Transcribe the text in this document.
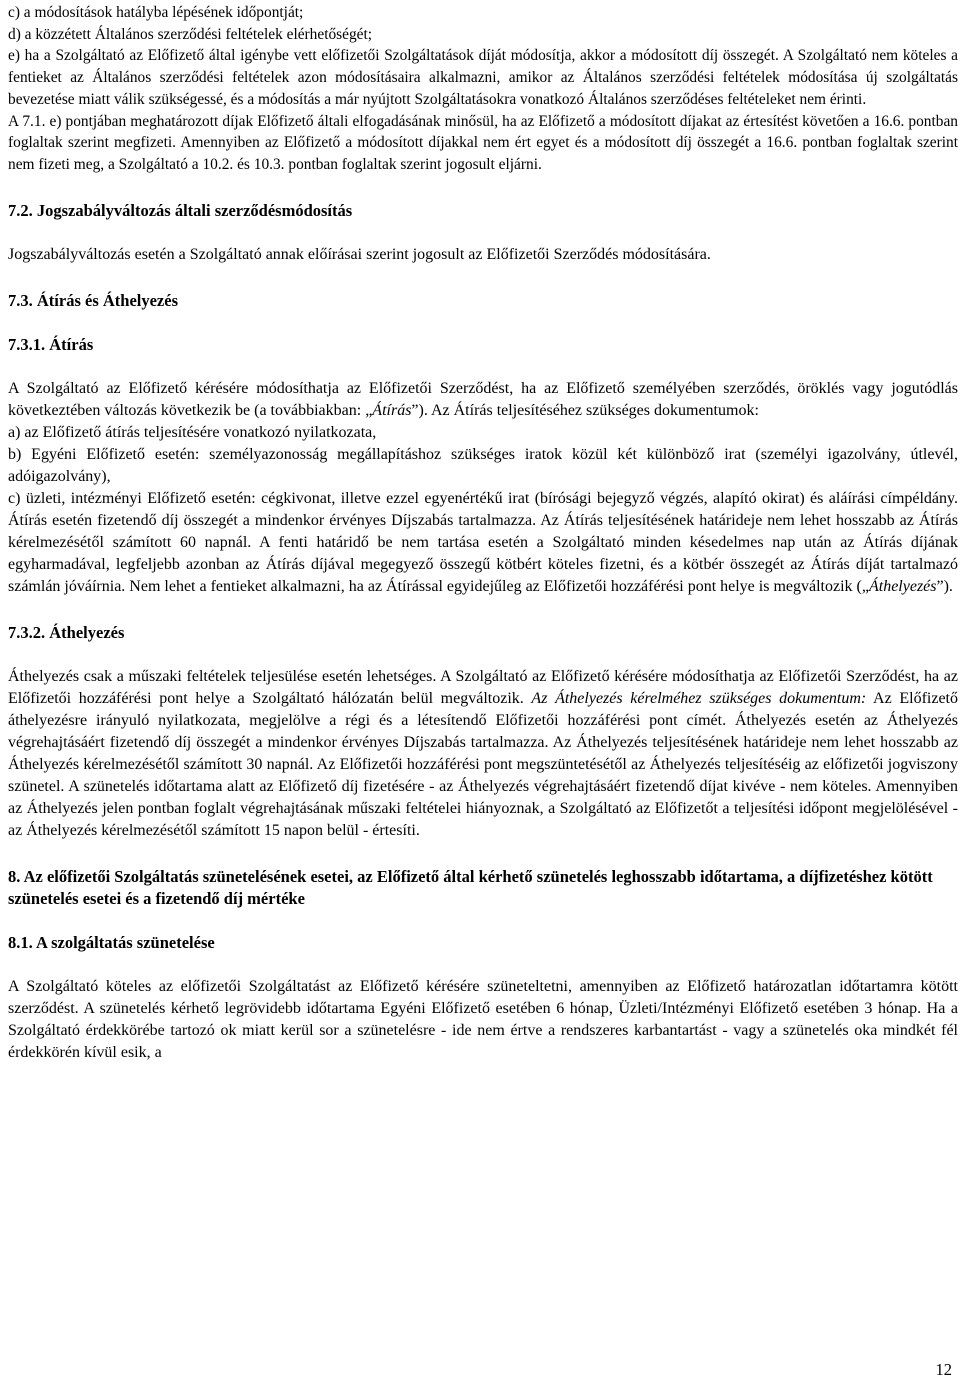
c) a módosítások hatályba lépésének időpontját;

d) a közzétett Általános szerződési feltételek elérhetőségét;

e) ha a Szolgáltató az Előfizető által igénybe vett előfizetői Szolgáltatások díját módosítja, akkor a módosított díj összegét. A Szolgáltató nem köteles a fentieket az Általános szerződési feltételek azon módosításaira alkalmazni, amikor az Általános szerződési feltételek módosítása új szolgáltatás bevezetése miatt válik szükségessé, és a módosítás a már nyújtott Szolgáltatásokra vonatkozó Általános szerződéses feltételeket nem érinti.

A 7.1. e) pontjában meghatározott díjak Előfizető általi elfogadásának minősül, ha az Előfizető a módosított díjakat az értesítést követően a 16.6. pontban foglaltak szerint megfizeti. Amennyiben az Előfizető a módosított díjakkal nem ért egyet és a módosított díj összegét a 16.6. pontban foglaltak szerint nem fizeti meg, a Szolgáltató a 10.2. és 10.3. pontban foglaltak szerint jogosult eljárni.

7.2. Jogszabályváltozás általi szerződésmódosítás

Jogszabályváltozás esetén a Szolgáltató annak előírásai szerint jogosult az Előfizetői Szerződés módosítására.

7.3. Átírás és Áthelyezés

7.3.1. Átírás

A Szolgáltató az Előfizető kérésére módosíthatja az Előfizetői Szerződést, ha az Előfizető személyében szerződés, öröklés vagy jogutódlás következtében változás következik be (a továbbiakban: „Átírás”). Az Átírás teljesítéséhez szükséges dokumentumok:

a) az Előfizető átírás teljesítésére vonatkozó nyilatkozata,

b) Egyéni Előfizető esetén: személyazonosság megállapításhoz szükséges iratok közül két különböző irat (személyi igazolvány, útlevél, adóigazolvány),

c) üzleti, intézményi Előfizető esetén: cégkivonat, illetve ezzel egyenértékű irat (bírósági bejegyző végzés, alapító okirat) és aláírási címpéldány. Átírás esetén fizetendő díj összegét a mindenkor érvényes Díjszabás tartalmazza. Az Átírás teljesítésének határideje nem lehet hosszabb az Átírás kérelmezésétől számított 60 napnál. A fenti határidő be nem tartása esetén a Szolgáltató minden késedelmes nap után az Átírás díjának egyharmadával, legfeljebb azonban az Átírás díjával megegyező összegű kötbért köteles fizetni, és a kötbér összegét az Átírás díját tartalmazó számlán jóváírnia. Nem lehet a fentieket alkalmazni, ha az Átírással egyidejűleg az Előfizetői hozzáférési pont helye is megváltozik („Áthelyezés”).

7.3.2. Áthelyezés

Áthelyezés csak a műszaki feltételek teljesülése esetén lehetséges. A Szolgáltató az Előfizető kérésére módosíthatja az Előfizetői Szerződést, ha az Előfizetői hozzáférési pont helye a Szolgáltató hálózatán belül megváltozik. Az Áthelyezés kérelméhez szükséges dokumentum: Az Előfizető áthelyezésre irányuló nyilatkozata, megjelölve a régi és a létesítendő Előfizetői hozzáférési pont címét. Áthelyezés esetén az Áthelyezés végrehajtásáért fizetendő díj összegét a mindenkor érvényes Díjszabás tartalmazza. Az Áthelyezés teljesítésének határideje nem lehet hosszabb az Áthelyezés kérelmezésétől számított 30 napnál. Az Előfizetői hozzáférési pont megszüntetésétől az Áthelyezés teljesítéséig az előfizetői jogviszony szünetel. A szünetelés időtartama alatt az Előfizető díj fizetésére - az Áthelyezés végrehajtásáért fizetendő díjat kivéve - nem köteles. Amennyiben az Áthelyezés jelen pontban foglalt végrehajtásának műszaki feltételei hiányoznak, a Szolgáltató az Előfizetőt a teljesítési időpont megjelölésével - az Áthelyezés kérelmezésétől számított 15 napon belül - értesíti.

8. Az előfizetői Szolgáltatás szünetelésének esetei, az Előfizető által kérhető szünetelés leghosszabb időtartama, a díjfizetéshez kötött szünetelés esetei és a fizetendő díj mértéke

8.1. A szolgáltatás szünetelése

A Szolgáltató köteles az előfizetői Szolgáltatást az Előfizető kérésére szüneteltetni, amennyiben az Előfizető határozatlan időtartamra kötött szerződést. A szünetelés kérhető legrövidebb időtartama Egyéni Előfizető esetében 6 hónap, Üzleti/Intézményi Előfizető esetében 3 hónap. Ha a Szolgáltató érdekkörébe tartozó ok miatt kerül sor a szünetelésre - ide nem értve a rendszeres karbantartást - vagy a szünetelés oka mindkét fél érdekkörén kívül esik, a

12
